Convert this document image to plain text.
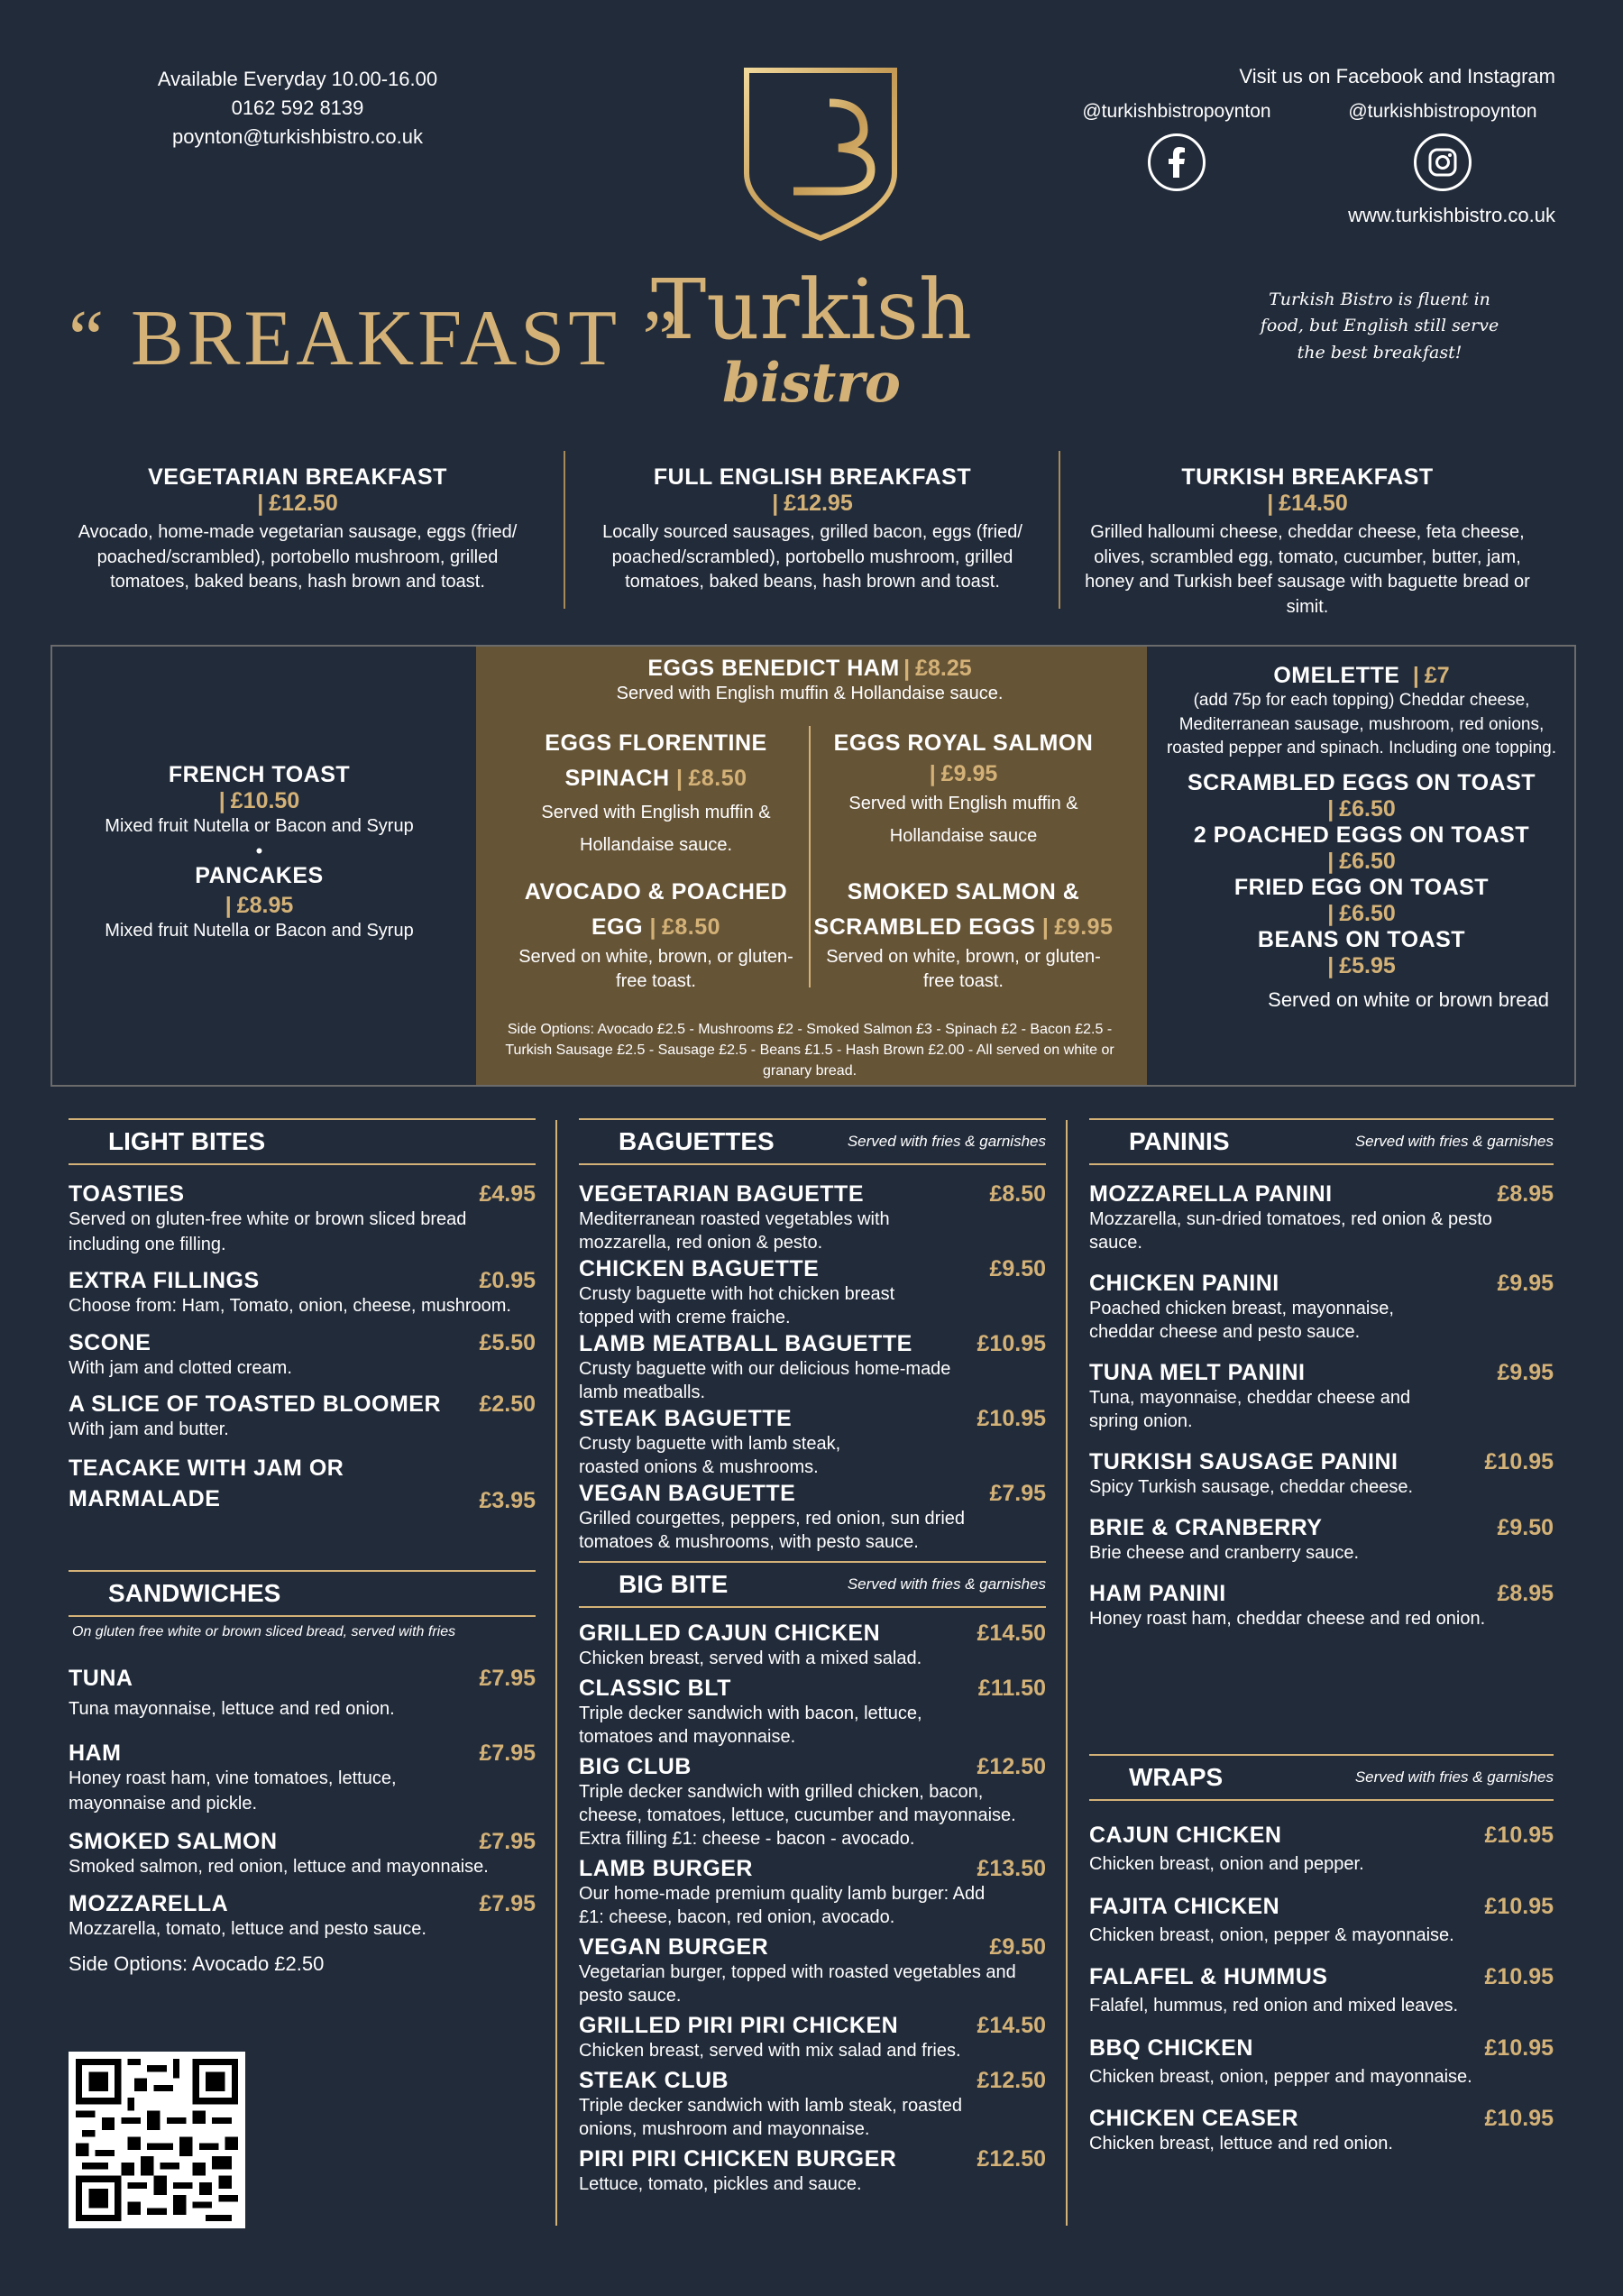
Available Everyday 10.00-16.00
0162 592 8139
poynton@turkishbistro.co.uk
Turkish
bistro
Visit us on Facebook and Instagram
@turkishbistropoynton	@turkishbistropoynton
www.turkishbistro.co.uk
“ BREAKFAST ”	Turkish Bistro is fluent in food, but English still serve the best breakfast!
VEGETARIAN BREAKFAST
| £12.50
Avocado, home-made vegetarian sausage, eggs (fried/ poached/scrambled), portobello mushroom, grilled tomatoes, baked beans, hash brown and toast.
FULL ENGLISH BREAKFAST
| £12.95
Locally sourced sausages, grilled bacon, eggs (fried/ poached/scrambled), portobello mushroom, grilled tomatoes, baked beans, hash brown and toast.
TURKISH BREAKFAST
| £14.50
Grilled halloumi cheese, cheddar cheese, feta cheese, olives, scrambled egg, tomato, cucumber, butter, jam, honey and Turkish beef sausage with baguette bread or simit.
FRENCH TOAST
| £10.50
Mixed fruit Nutella or Bacon and Syrup
•
PANCAKES
| £8.95
Mixed fruit Nutella or Bacon and Syrup
EGGS BENEDICT HAM | £8.25
Served with English muffin & Hollandaise sauce.
EGGS FLORENTINE SPINACH | £8.50
Served with English muffin & Hollandaise sauce.
AVOCADO & POACHED EGG | £8.50
Served on white, brown, or gluten-free toast.
EGGS ROYAL SALMON
| £9.95
Served with English muffin & Hollandaise sauce
SMOKED SALMON & SCRAMBLED EGGS | £9.95
Served on white, brown, or gluten-free toast.
Side Options: Avocado £2.5 - Mushrooms £2 - Smoked Salmon £3 - Spinach £2 - Bacon £2.5 - Turkish Sausage £2.5 - Sausage £2.5 - Beans £1.5 - Hash Brown £2.00 - All served on white or granary bread.
OMELETTE | £7
(add 75p for each topping) Cheddar cheese, Mediterranean sausage, mushroom, red onions, roasted pepper and spinach. Including one topping.
SCRAMBLED EGGS ON TOAST
| £6.50
2 POACHED EGGS ON TOAST
| £6.50
FRIED EGG ON TOAST
| £6.50
BEANS ON TOAST
| £5.95
Served on white or brown bread
LIGHT BITES
TOASTIES	£4.95
Served on gluten-free white or brown sliced bread including one filling.
EXTRA FILLINGS	£0.95
Choose from: Ham, Tomato, onion, cheese, mushroom.
SCONE	£5.50
With jam and clotted cream.
A SLICE OF TOASTED BLOOMER £2.50
With jam and butter.
TEACAKE WITH JAM OR MARMALADE	£3.95
SANDWICHES
On gluten free white or brown sliced bread, served with fries
TUNA	£7.95
Tuna mayonnaise, lettuce and red onion.
HAM	£7.95
Honey roast ham, vine tomatoes, lettuce, mayonnaise and pickle.
SMOKED SALMON	£7.95
Smoked salmon, red onion, lettuce and mayonnaise.
MOZZARELLA	£7.95
Mozzarella, tomato, lettuce and pesto sauce.
Side Options: Avocado £2.50
BAGUETTES	Served with fries & garnishes
VEGETARIAN BAGUETTE	£8.50
Mediterranean roasted vegetables with mozzarella, red onion & pesto.
CHICKEN BAGUETTE	£9.50
Crusty baguette with hot chicken breast topped with creme fraiche.
LAMB MEATBALL BAGUETTE	£10.95
Crusty baguette with our delicious home-made lamb meatballs.
STEAK BAGUETTE	£10.95
Crusty baguette with lamb steak, roasted onions & mushrooms.
VEGAN BAGUETTE	£7.95
Grilled courgettes, peppers, red onion, sun dried tomatoes & mushrooms, with pesto sauce.
BIG BITE	Served with fries & garnishes
GRILLED CAJUN CHICKEN	£14.50
Chicken breast, served with a mixed salad.
CLASSIC BLT	£11.50
Triple decker sandwich with bacon, lettuce, tomatoes and mayonnaise.
BIG CLUB	£12.50
Triple decker sandwich with grilled chicken, bacon, cheese, tomatoes, lettuce, cucumber and mayonnaise. Extra filling £1: cheese - bacon - avocado.
LAMB BURGER	£13.50
Our home-made premium quality lamb burger: Add £1: cheese, bacon, red onion, avocado.
VEGAN BURGER	£9.50
Vegetarian burger, topped with roasted vegetables and pesto sauce.
GRILLED PIRI PIRI CHICKEN	£14.50
Chicken breast, served with mix salad and fries.
STEAK CLUB	£12.50
Triple decker sandwich with lamb steak, roasted onions, mushroom and mayonnaise.
PIRI PIRI CHICKEN BURGER	£12.50
Lettuce, tomato, pickles and sauce.
PANINIS	Served with fries & garnishes
MOZZARELLA PANINI	£8.95
Mozzarella, sun-dried tomatoes, red onion & pesto sauce.
CHICKEN PANINI	£9.95
Poached chicken breast, mayonnaise, cheddar cheese and pesto sauce.
TUNA MELT PANINI	£9.95
Tuna, mayonnaise, cheddar cheese and spring onion.
TURKISH SAUSAGE PANINI	£10.95
Spicy Turkish sausage, cheddar cheese.
BRIE & CRANBERRY	£9.50
Brie cheese and cranberry sauce.
HAM PANINI	£8.95
Honey roast ham, cheddar cheese and red onion.
WRAPS	Served with fries & garnishes
CAJUN CHICKEN	£10.95
Chicken breast, onion and pepper.
FAJITA CHICKEN	£10.95
Chicken breast, onion, pepper & mayonnaise.
FALAFEL & HUMMUS	£10.95
Falafel, hummus, red onion and mixed leaves.
BBQ CHICKEN	£10.95
Chicken breast, onion, pepper and mayonnaise.
CHICKEN CEASER	£10.95
Chicken breast, lettuce and red onion.
